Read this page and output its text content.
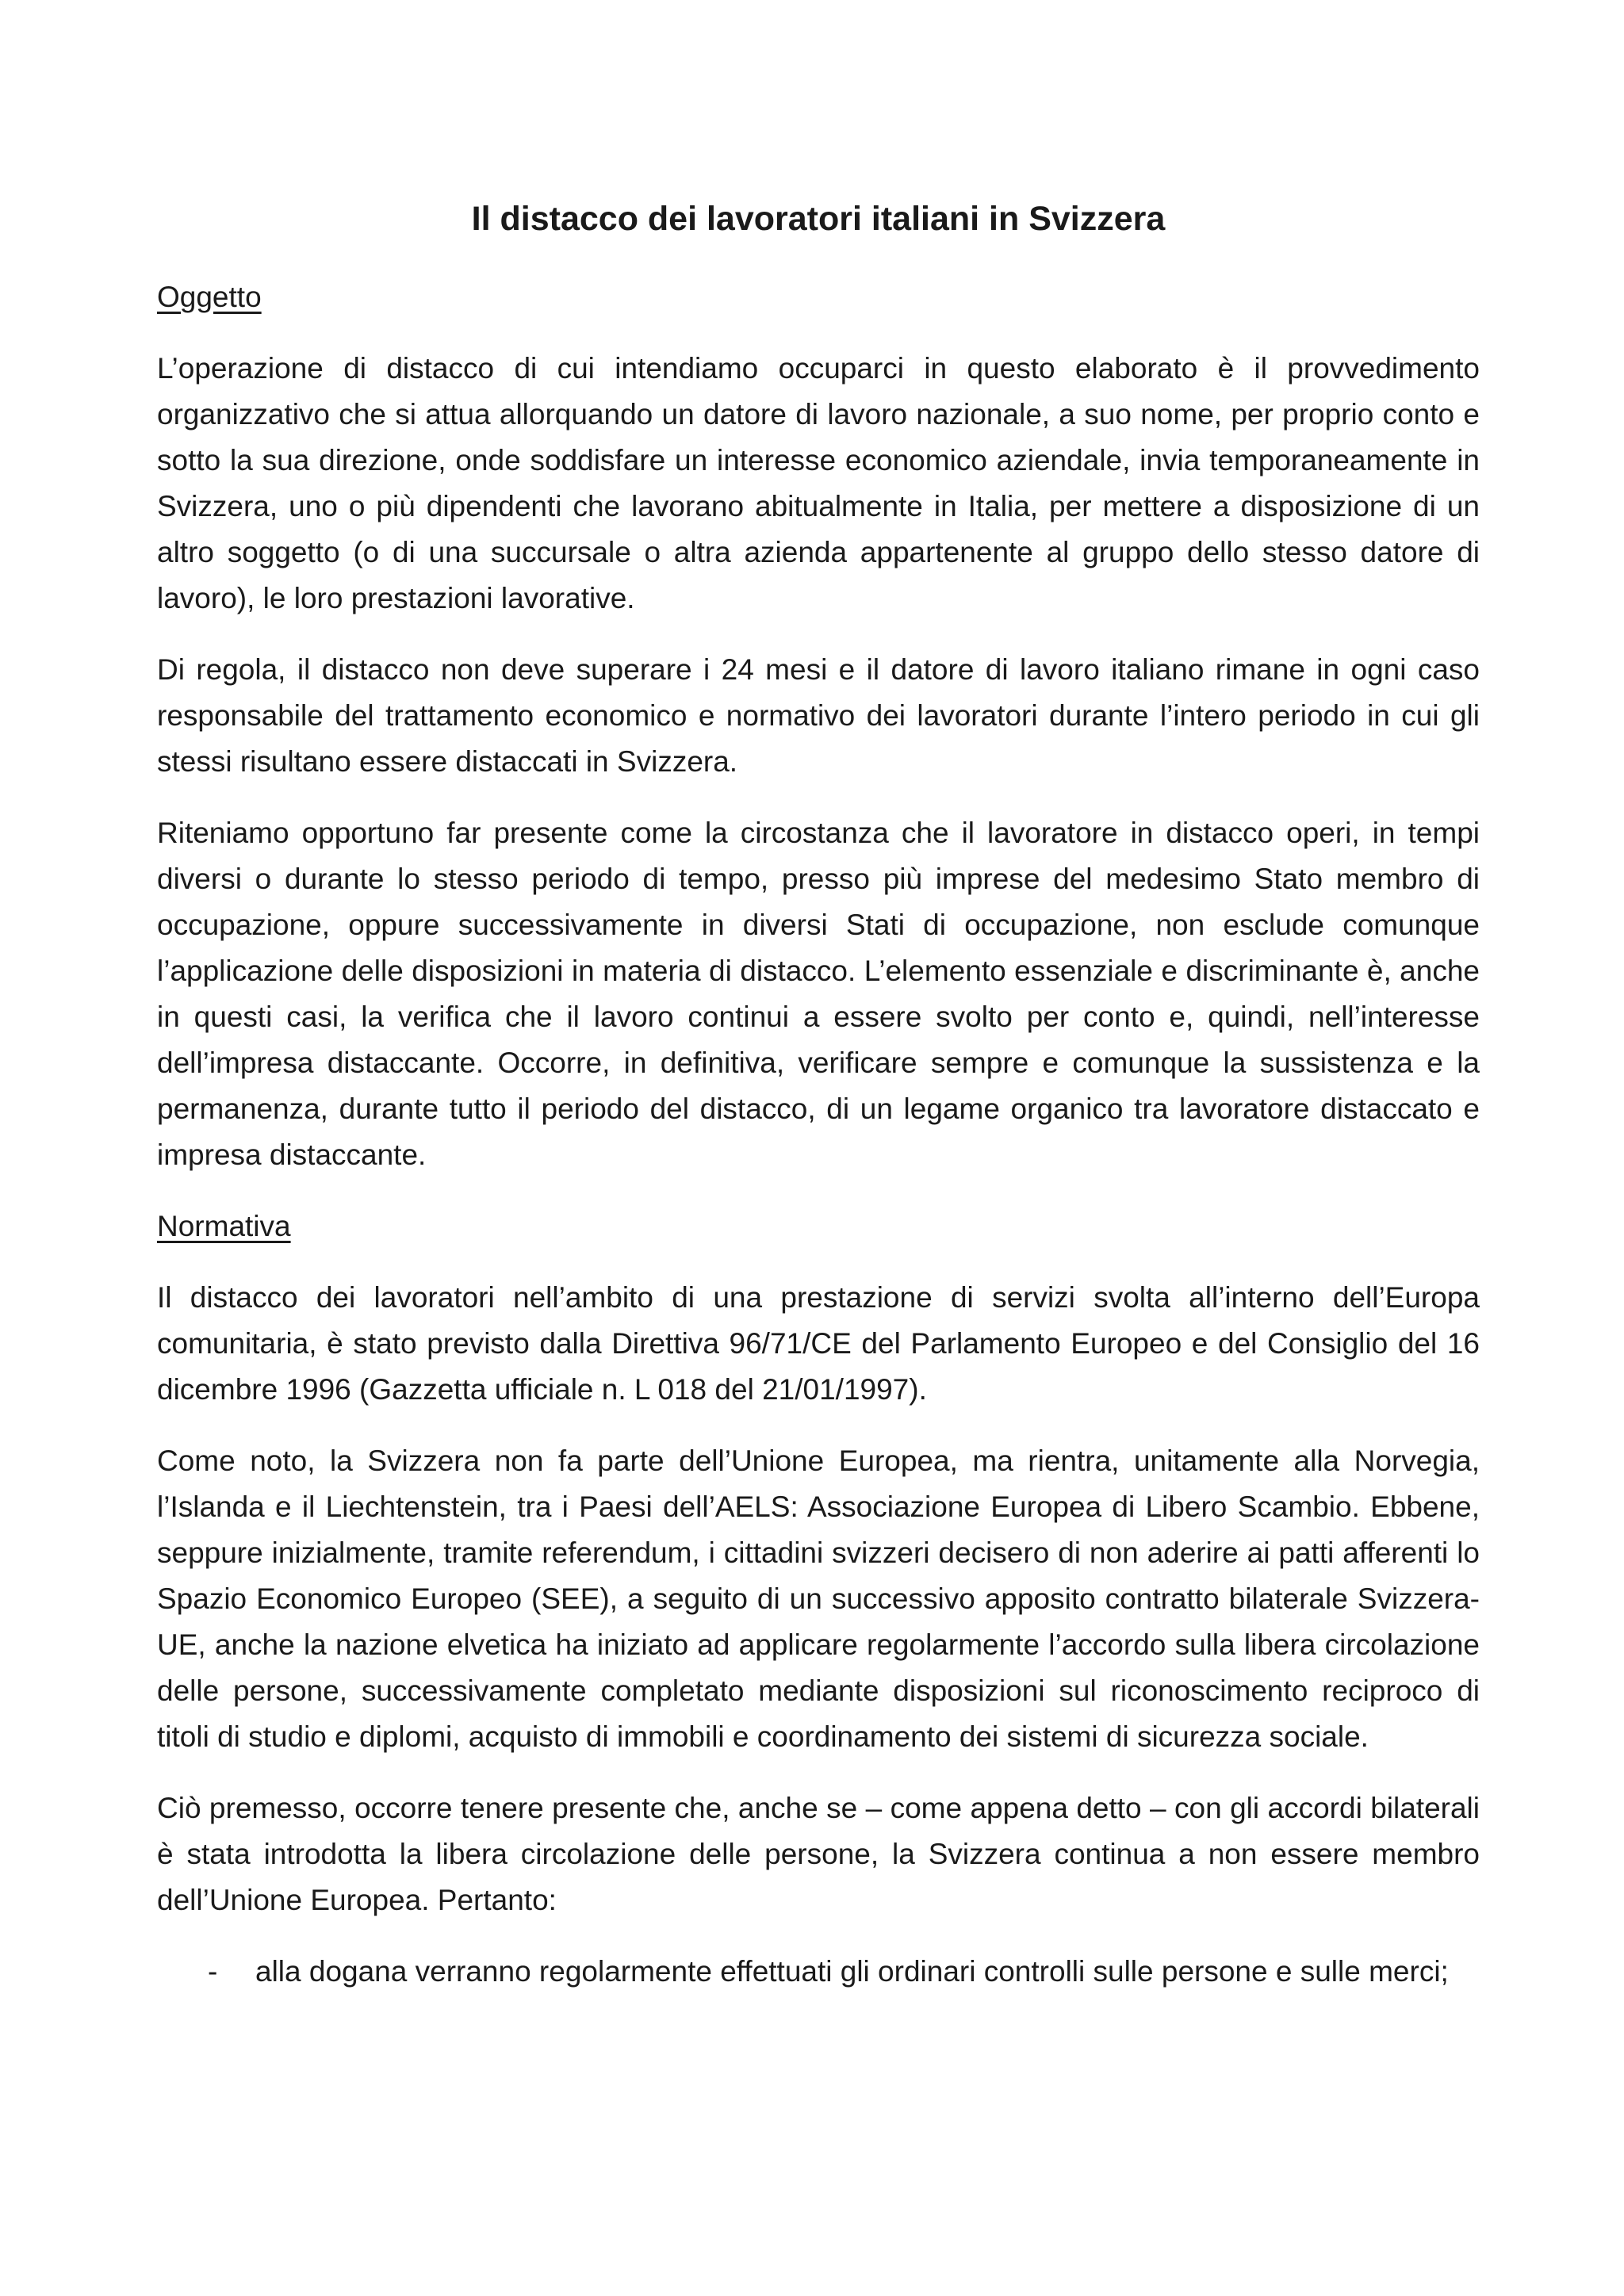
Il distacco dei lavoratori italiani in Svizzera
Oggetto

L’operazione di distacco di cui intendiamo occuparci in questo elaborato è il provvedimento organizzativo che si attua allorquando un datore di lavoro nazionale, a suo nome, per proprio conto e sotto la sua direzione, onde soddisfare un interesse economico aziendale, invia temporaneamente in Svizzera, uno o più dipendenti che lavorano abitualmente in Italia, per mettere a disposizione di un altro soggetto (o di una succursale o altra azienda appartenente al gruppo dello stesso datore di lavoro), le loro prestazioni lavorative.

Di regola, il distacco non deve superare i 24 mesi e il datore di lavoro italiano rimane in ogni caso responsabile del trattamento economico e normativo dei lavoratori durante l’intero periodo in cui gli stessi risultano essere distaccati in Svizzera.

Riteniamo opportuno far presente come la circostanza che il lavoratore in distacco operi, in tempi diversi o durante lo stesso periodo di tempo, presso più imprese del medesimo Stato membro di occupazione, oppure successivamente in diversi Stati di occupazione, non esclude comunque l’applicazione delle disposizioni in materia di distacco. L’elemento essenziale e discriminante è, anche in questi casi, la verifica che il lavoro continui a essere svolto per conto e, quindi, nell’interesse dell’impresa distaccante. Occorre, in definitiva, verificare sempre e comunque la sussistenza e la permanenza, durante tutto il periodo del distacco, di un legame organico tra lavoratore distaccato e impresa distaccante.

Normativa

Il distacco dei lavoratori nell’ambito di una prestazione di servizi svolta all’interno dell’Europa comunitaria, è stato previsto dalla Direttiva 96/71/CE del Parlamento Europeo e del Consiglio del 16 dicembre 1996 (Gazzetta ufficiale n. L 018 del 21/01/1997).

Come noto, la Svizzera non fa parte dell’Unione Europea, ma rientra, unitamente alla Norvegia, l’Islanda e il Liechtenstein, tra i Paesi dell’AELS: Associazione Europea di Libero Scambio. Ebbene, seppure inizialmente, tramite referendum, i cittadini svizzeri decisero di non aderire ai patti afferenti lo Spazio Economico Europeo (SEE), a seguito di un successivo apposito contratto bilaterale Svizzera-UE, anche la nazione elvetica ha iniziato ad applicare regolarmente l’accordo sulla libera circolazione delle persone, successivamente completato mediante disposizioni sul riconoscimento reciproco di titoli di studio e diplomi, acquisto di immobili e coordinamento dei sistemi di sicurezza sociale.

Ciò premesso, occorre tenere presente che, anche se – come appena detto – con gli accordi bilaterali è stata introdotta la libera circolazione delle persone, la Svizzera continua a non essere membro dell’Unione Europea. Pertanto:

- alla dogana verranno regolarmente effettuati gli ordinari controlli sulle persone e sulle merci;
